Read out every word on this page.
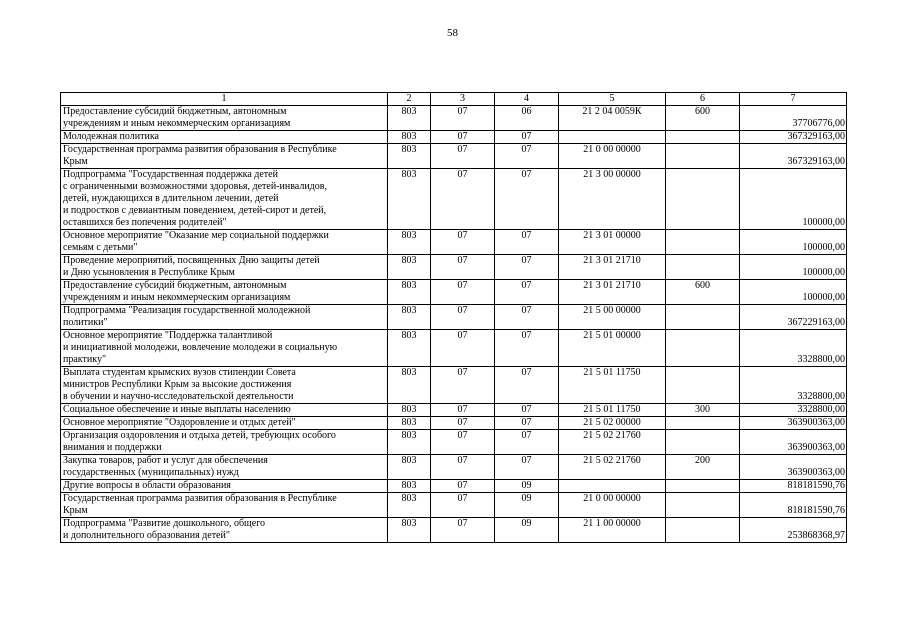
58
1	2	3	4	5	6	7
Предоставление субсидий бюджетным, автономным
учреждениям и иным некоммерческим организациям	803	07	06	21 2 04 0059К	600	37706776,00
Молодежная политика	803	07	07			367329163,00
Государственная программа развития образования в Республике
Крым	803	07	07	21 0 00 00000		367329163,00
Подпрограмма "Государственная поддержка детей
с ограниченными возможностями здоровья, детей-инвалидов,
детей, нуждающихся в длительном лечении, детей
и подростков с девиантным поведением, детей-сирот и детей,
оставшихся без попечения родителей"	803	07	07	21 3 00 00000		100000,00
Основное мероприятие "Оказание мер социальной поддержки
семьям с детьми"	803	07	07	21 3 01 00000		100000,00
Проведение мероприятий, посвященных Дню защиты детей
и Дню усыновления в Республике Крым	803	07	07	21 3 01 21710		100000,00
Предоставление субсидий бюджетным, автономным
учреждениям и иным некоммерческим организациям	803	07	07	21 3 01 21710	600	100000,00
Подпрограмма "Реализация государственной молодежной
политики"	803	07	07	21 5 00 00000		367229163,00
Основное мероприятие "Поддержка талантливой
и инициативной молодежи, вовлечение молодежи в социальную
практику"	803	07	07	21 5 01 00000		3328800,00
Выплата студентам крымских вузов стипендии Совета
министров Республики Крым за высокие достижения
в обучении и научно-исследовательской деятельности	803	07	07	21 5 01 11750		3328800,00
Социальное обеспечение и иные выплаты населению	803	07	07	21 5 01 11750	300	3328800,00
Основное мероприятие "Оздоровление и отдых детей"	803	07	07	21 5 02 00000		363900363,00
Организация оздоровления и отдыха детей, требующих особого
внимания и поддержки	803	07	07	21 5 02 21760		363900363,00
Закупка товаров, работ и услуг для обеспечения
государственных (муниципальных) нужд	803	07	07	21 5 02 21760	200	363900363,00
Другие вопросы в области образования	803	07	09			818181590,76
Государственная программа развития образования в Республике
Крым	803	07	09	21 0 00 00000		818181590,76
Подпрограмма "Развитие дошкольного, общего
и дополнительного образования детей"	803	07	09	21 1 00 00000		253868368,97
